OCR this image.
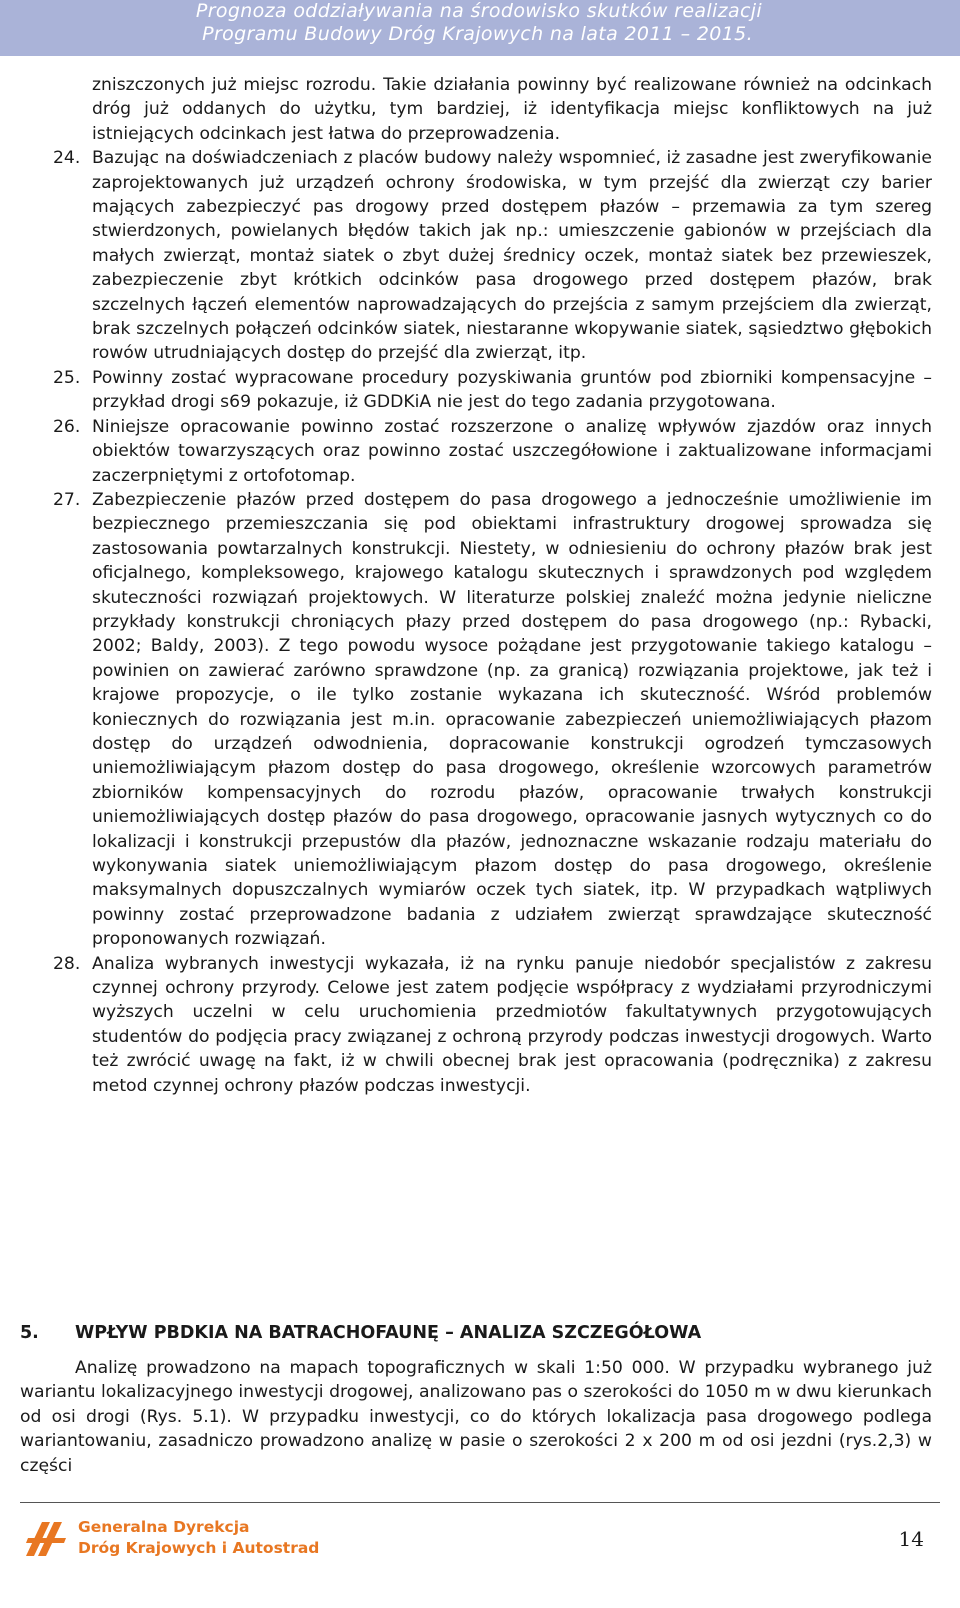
Prognoza oddziaływania na środowisko skutków realizacji
Programu Budowy Dróg Krajowych na lata 2011 – 2015.

zniszczonych już miejsc rozrodu. Takie działania powinny być realizowane również na odcinkach dróg już oddanych do użytku, tym bardziej, iż identyfikacja miejsc konfliktowych na już istniejących odcinkach jest łatwa do przeprowadzenia.

24. Bazując na doświadczeniach z placów budowy należy wspomnieć, iż zasadne jest zweryfikowanie zaprojektowanych już urządzeń ochrony środowiska, w tym przejść dla zwierząt czy barier mających zabezpieczyć pas drogowy przed dostępem płazów – przemawia za tym szereg stwierdzonych, powielanych błędów takich jak np.: umieszczenie gabionów w przejściach dla małych zwierząt, montaż siatek o zbyt dużej średnicy oczek, montaż siatek bez przewieszek, zabezpieczenie zbyt krótkich odcinków pasa drogowego przed dostępem płazów, brak szczelnych łączeń elementów naprowadzających do przejścia z samym przejściem dla zwierząt, brak szczelnych połączeń odcinków siatek, niestaranne wkopywanie siatek, sąsiedztwo głębokich rowów utrudniających dostęp do przejść dla zwierząt, itp.
25. Powinny zostać wypracowane procedury pozyskiwania gruntów pod zbiorniki kompensacyjne – przykład drogi s69 pokazuje, iż GDDKiA nie jest do tego zadania przygotowana.
26. Niniejsze opracowanie powinno zostać rozszerzone o analizę wpływów zjazdów oraz innych obiektów towarzyszących oraz powinno zostać uszczegółowione i zaktualizowane informacjami zaczerpniętymi z ortofotomap.
27. Zabezpieczenie płazów przed dostępem do pasa drogowego a jednocześnie umożliwienie im bezpiecznego przemieszczania się pod obiektami infrastruktury drogowej sprowadza się zastosowania powtarzalnych konstrukcji. Niestety, w odniesieniu do ochrony płazów brak jest oficjalnego, kompleksowego, krajowego katalogu skutecznych i sprawdzonych pod względem skuteczności rozwiązań projektowych. W literaturze polskiej znaleźć można jedynie nieliczne przykłady konstrukcji chroniących płazy przed dostępem do pasa drogowego (np.: Rybacki, 2002; Baldy, 2003). Z tego powodu wysoce pożądane jest przygotowanie takiego katalogu – powinien on zawierać zarówno sprawdzone (np. za granicą) rozwiązania projektowe, jak też i krajowe propozycje, o ile tylko zostanie wykazana ich skuteczność. Wśród problemów koniecznych do rozwiązania jest m.in. opracowanie zabezpieczeń uniemożliwiających płazom dostęp do urządzeń odwodnienia, dopracowanie konstrukcji ogrodzeń tymczasowych uniemożliwiającym płazom dostęp do pasa drogowego, określenie wzorcowych parametrów zbiorników kompensacyjnych do rozrodu płazów, opracowanie trwałych konstrukcji uniemożliwiających dostęp płazów do pasa drogowego, opracowanie jasnych wytycznych co do lokalizacji i konstrukcji przepustów dla płazów, jednoznaczne wskazanie rodzaju materiału do wykonywania siatek uniemożliwiającym płazom dostęp do pasa drogowego, określenie maksymalnych dopuszczalnych wymiarów oczek tych siatek, itp. W przypadkach wątpliwych powinny zostać przeprowadzone badania z udziałem zwierząt sprawdzające skuteczność proponowanych rozwiązań.
28. Analiza wybranych inwestycji wykazała, iż na rynku panuje niedobór specjalistów z zakresu czynnej ochrony przyrody. Celowe jest zatem podjęcie współpracy z wydziałami przyrodniczymi wyższych uczelni w celu uruchomienia przedmiotów fakultatywnych przygotowujących studentów do podjęcia pracy związanej z ochroną przyrody podczas inwestycji drogowych. Warto też zwrócić uwagę na fakt, iż w chwili obecnej brak jest opracowania (podręcznika) z zakresu metod czynnej ochrony płazów podczas inwestycji.
5. WPŁYW PBDKIA NA BATRACHOFAUNĘ – ANALIZA SZCZEGÓŁOWA

Analizę prowadzono na mapach topograficznych w skali 1:50 000. W przypadku wybranego już wariantu lokalizacyjnego inwestycji drogowej, analizowano pas o szerokości do 1050 m w dwu kierunkach od osi drogi (Rys. 5.1). W przypadku inwestycji, co do których lokalizacja pasa drogowego podlega wariantowaniu, zasadniczo prowadzono analizę w pasie o szerokości 2 x 200 m od osi jezdni (rys.2,3) w części

Generalna Dyrekcja
Dróg Krajowych i Autostrad	14
